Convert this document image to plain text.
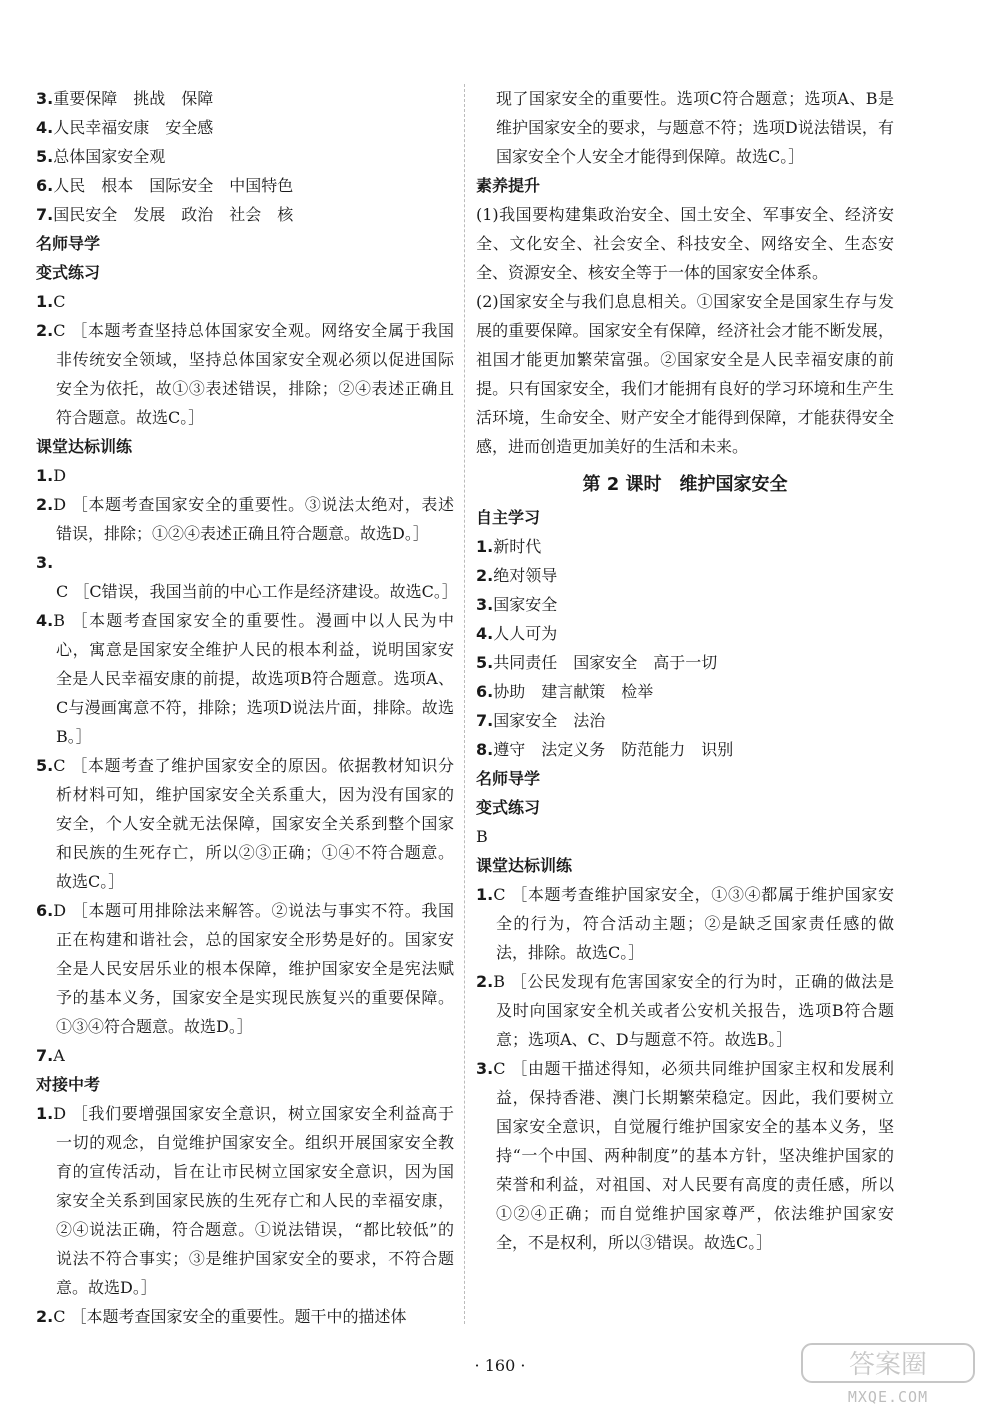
3.重要保障　挑战　保障

4.人民幸福安康　安全感

5.总体国家安全观

6.人民　根本　国际安全　中国特色

7.国民安全　发展　政治　社会　核

名师导学

变式练习

1.C

2.C ［本题考查坚持总体国家安全观。网络安全属于我国非传统安全领域，坚持总体国家安全观必须以促进国际安全为依托，故①③表述错误，排除；②④表述正确且符合题意。故选C。］

课堂达标训练

1.D

2.D ［本题考查国家安全的重要性。③说法太绝对，表述错误，排除；①②④表述正确且符合题意。故选D。］

3.C ［C错误，我国当前的中心工作是经济建设。故选C。］

4.B ［本题考查国家安全的重要性。漫画中以人民为中心，寓意是国家安全维护人民的根本利益，说明国家安全是人民幸福安康的前提，故选项B符合题意。选项A、C与漫画寓意不符，排除；选项D说法片面，排除。故选B。］

5.C ［本题考查了维护国家安全的原因。依据教材知识分析材料可知，维护国家安全关系重大，因为没有国家的安全，个人安全就无法保障，国家安全关系到整个国家和民族的生死存亡，所以②③正确；①④不符合题意。故选C。］

6.D ［本题可用排除法来解答。②说法与事实不符。我国正在构建和谐社会，总的国家安全形势是好的。国家安全是人民安居乐业的根本保障，维护国家安全是宪法赋予的基本义务，国家安全是实现民族复兴的重要保障。①③④符合题意。故选D。］

7.A

对接中考

1.D ［我们要增强国家安全意识，树立国家安全利益高于一切的观念，自觉维护国家安全。组织开展国家安全教育的宣传活动，旨在让市民树立国家安全意识，因为国家安全关系到国家民族的生死存亡和人民的幸福安康，②④说法正确，符合题意。①说法错误，“都比较低”的说法不符合事实；③是维护国家安全的要求，不符合题意。故选D。］

2.C ［本题考查国家安全的重要性。题干中的描述体

现了国家安全的重要性。选项C符合题意；选项A、B是维护国家安全的要求，与题意不符；选项D说法错误，有国家安全个人安全才能得到保障。故选C。］

素养提升

(1)我国要构建集政治安全、国土安全、军事安全、经济安全、文化安全、社会安全、科技安全、网络安全、生态安全、资源安全、核安全等于一体的国家安全体系。

(2)国家安全与我们息息相关。①国家安全是国家生存与发展的重要保障。国家安全有保障，经济社会才能不断发展，祖国才能更加繁荣富强。②国家安全是人民幸福安康的前提。只有国家安全，我们才能拥有良好的学习环境和生产生活环境，生命安全、财产安全才能得到保障，才能获得安全感，进而创造更加美好的生活和未来。

第 2 课时　维护国家安全

自主学习

1.新时代

2.绝对领导

3.国家安全

4.人人可为

5.共同责任　国家安全　高于一切

6.协助　建言献策　检举

7.国家安全　法治

8.遵守　法定义务　防范能力　识别

名师导学

变式练习

B

课堂达标训练

1.C ［本题考查维护国家安全，①③④都属于维护国家安全的行为，符合活动主题；②是缺乏国家责任感的做法，排除。故选C。］

2.B ［公民发现有危害国家安全的行为时，正确的做法是及时向国家安全机关或者公安机关报告，选项B符合题意；选项A、C、D与题意不符。故选B。］

3.C ［由题干描述得知，必须共同维护国家主权和发展利益，保持香港、澳门长期繁荣稳定。因此，我们要树立国家安全意识，自觉履行维护国家安全的基本义务，坚持“一个中国、两种制度”的基本方针，坚决维护国家的荣誉和利益，对祖国、对人民要有高度的责任感，所以①②④正确；而自觉维护国家尊严，依法维护国家安全，不是权利，所以③错误。故选C。］

· 160 ·	答案圈
MXQE.COM
